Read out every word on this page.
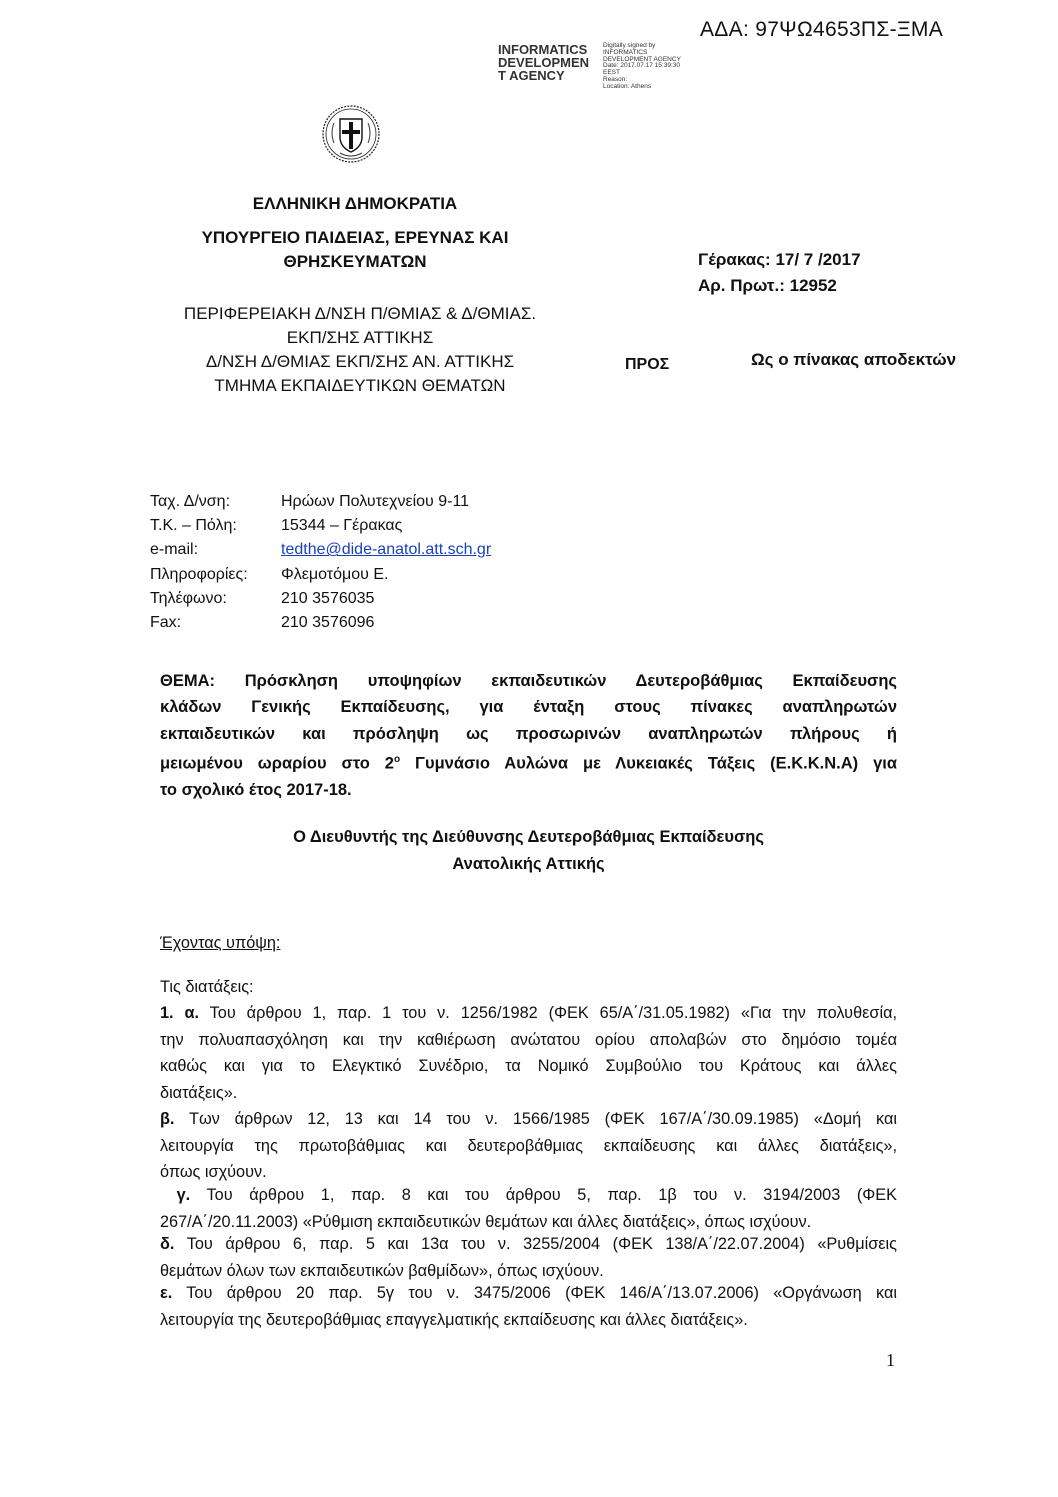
ΑΔΑ: 97ΨΩ4653ΠΣ-ΞΜΑ
INFORMATICS
DEVELOPMEN
T AGENCY
Digitally signed by
INFORMATICS
DEVELOPMENT AGENCY
Date: 2017.07.17 15:39:30
EEST
Reason:
Location: Athens
ΕΛΛΗΝΙΚΗ ΔΗΜΟΚΡΑΤΙΑ
ΥΠΟΥΡΓΕΙΟ ΠΑΙΔΕΙΑΣ, ΕΡΕΥΝΑΣ ΚΑΙ
ΘΡΗΣΚΕΥΜΑΤΩΝ
ΠΕΡΙΦΕΡΕΙΑΚΗ Δ/ΝΣΗ Π/ΘΜΙΑΣ & Δ/ΘΜΙΑΣ.
ΕΚΠ/ΣΗΣ ΑΤΤΙΚΗΣ
Δ/ΝΣΗ Δ/ΘΜΙΑΣ ΕΚΠ/ΣΗΣ ΑΝ. ΑΤΤΙΚΗΣ
ΤΜΗΜΑ ΕΚΠΑΙΔΕΥΤΙΚΩΝ ΘΕΜΑΤΩΝ
Γέρακας: 17/ 7 /2017
Αρ. Πρωτ.: 12952
ΠΡΟΣ	Ως ο πίνακας αποδεκτών
Ταχ. Δ/νση:	Ηρώων Πολυτεχνείου 9-11
Τ.Κ. – Πόλη:	15344 – Γέρακας
e-mail:	tedthe@dide-anatol.att.sch.gr
Πληροφορίες:	Φλεμοτόμου Ε.
Τηλέφωνο:	210 3576035
Fax:	210 3576096
ΘΕΜΑ: Πρόσκληση υποψηφίων εκπαιδευτικών Δευτεροβάθμιας Εκπαίδευσης
κλάδων Γενικής Εκπαίδευσης, για ένταξη στους πίνακες αναπληρωτών
εκπαιδευτικών και πρόσληψη ως προσωρινών αναπληρωτών πλήρους ή
μειωμένου ωραρίου στο $2^o$ Γυμνάσιο Αυλώνα με Λυκειακές Τάξεις (Ε.Κ.Κ.Ν.Α) για
το σχολικό έτος 2017-18.
Ο Διευθυντής της Διεύθυνσης Δευτεροβάθμιας Εκπαίδευσης
Ανατολικής Αττικής
Έχοντας υπόψη:
Τις διατάξεις:
1. α. Του άρθρου 1, παρ. 1 του ν. 1256/1982 (ΦΕΚ 65/Α΄/31.05.1982) «Για την πολυθεσία,
την πολυαπασχόληση και την καθιέρωση ανώτατου ορίου απολαβών στο δημόσιο τομέα
καθώς και για το Ελεγκτικό Συνέδριο, τα Νομικό Συμβούλιο του Κράτους και άλλες
διατάξεις».
β. Των άρθρων 12, 13 και 14 του ν. 1566/1985 (ΦΕΚ 167/Α΄/30.09.1985) «Δομή και
λειτουργία της πρωτοβάθμιας και δευτεροβάθμιας εκπαίδευσης και άλλες διατάξεις»,
όπως ισχύουν.
γ. Του άρθρου 1, παρ. 8 και του άρθρου 5, παρ. 1β του ν. 3194/2003 (ΦΕΚ
267/Α΄/20.11.2003) «Ρύθμιση εκπαιδευτικών θεμάτων και άλλες διατάξεις», όπως ισχύουν.
δ. Του άρθρου 6, παρ. 5 και 13α του ν. 3255/2004 (ΦΕΚ 138/Α΄/22.07.2004) «Ρυθμίσεις
θεμάτων όλων των εκπαιδευτικών βαθμίδων», όπως ισχύουν.
ε. Του άρθρου 20 παρ. 5γ του ν. 3475/2006 (ΦΕΚ 146/Α΄/13.07.2006) «Οργάνωση και
λειτουργία της δευτεροβάθμιας επαγγελματικής εκπαίδευσης και άλλες διατάξεις».
1
